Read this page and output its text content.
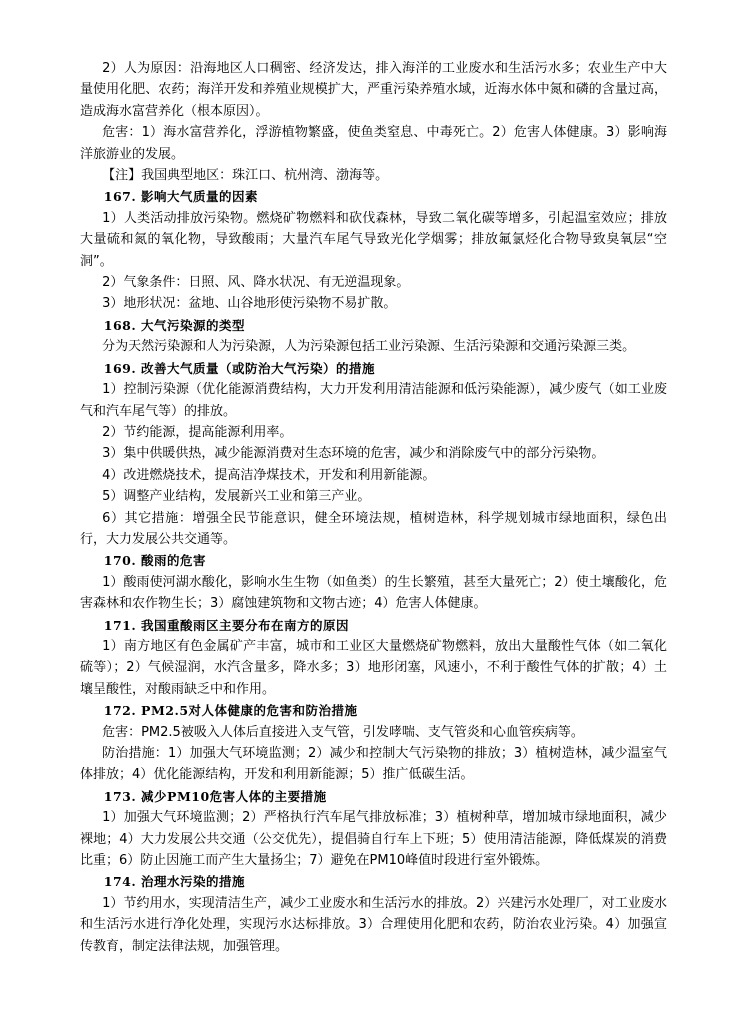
2）人为原因：沿海地区人口稠密、经济发达，排入海洋的工业废水和生活污水多；农业生产中大量使用化肥、农药；海洋开发和养殖业规模扩大，严重污染养殖水域，近海水体中氮和磷的含量过高，造成海水富营养化（根本原因）。

危害：1）海水富营养化，浮游植物繁盛，使鱼类窒息、中毒死亡。2）危害人体健康。3）影响海洋旅游业的发展。

【注】我国典型地区：珠江口、杭州湾、渤海等。

167. 影响大气质量的因素

1）人类活动排放污染物。燃烧矿物燃料和砍伐森林，导致二氧化碳等增多，引起温室效应；排放大量硫和氮的氧化物，导致酸雨；大量汽车尾气导致光化学烟雾；排放氟氯烃化合物导致臭氧层“空洞”。

2）气象条件：日照、风、降水状况、有无逆温现象。

3）地形状况：盆地、山谷地形使污染物不易扩散。

168. 大气污染源的类型

分为天然污染源和人为污染源，人为污染源包括工业污染源、生活污染源和交通污染源三类。

169. 改善大气质量（或防治大气污染）的措施

1）控制污染源（优化能源消费结构，大力开发利用清洁能源和低污染能源），减少废气（如工业废气和汽车尾气等）的排放。

2）节约能源，提高能源利用率。

3）集中供暖供热，减少能源消费对生态环境的危害，减少和消除废气中的部分污染物。

4）改进燃烧技术，提高洁净煤技术，开发和利用新能源。

5）调整产业结构，发展新兴工业和第三产业。

6）其它措施：增强全民节能意识，健全环境法规，植树造林，科学规划城市绿地面积，绿色出行，大力发展公共交通等。

170. 酸雨的危害

1）酸雨使河湖水酸化，影响水生生物（如鱼类）的生长繁殖，甚至大量死亡；2）使土壤酸化，危害森林和农作物生长；3）腐蚀建筑物和文物古迹；4）危害人体健康。

171. 我国重酸雨区主要分布在南方的原因

1）南方地区有色金属矿产丰富，城市和工业区大量燃烧矿物燃料，放出大量酸性气体（如二氧化硫等）；2）气候湿润，水汽含量多，降水多；3）地形闭塞，风速小，不利于酸性气体的扩散；4）土壤呈酸性，对酸雨缺乏中和作用。

172. PM2.5对人体健康的危害和防治措施

危害：PM2.5被吸入人体后直接进入支气管，引发哮喘、支气管炎和心血管疾病等。

防治措施：1）加强大气环境监测；2）减少和控制大气污染物的排放；3）植树造林，减少温室气体排放；4）优化能源结构，开发和利用新能源；5）推广低碳生活。

173. 减少PM10危害人体的主要措施

1）加强大气环境监测；2）严格执行汽车尾气排放标准；3）植树种草，增加城市绿地面积，减少裸地；4）大力发展公共交通（公交优先），提倡骑自行车上下班；5）使用清洁能源，降低煤炭的消费比重；6）防止因施工而产生大量扬尘；7）避免在PM10峰值时段进行室外锻炼。

174. 治理水污染的措施

1）节约用水，实现清洁生产，减少工业废水和生活污水的排放。2）兴建污水处理厂，对工业废水和生活污水进行净化处理，实现污水达标排放。3）合理使用化肥和农药，防治农业污染。4）加强宣传教育，制定法律法规，加强管理。
